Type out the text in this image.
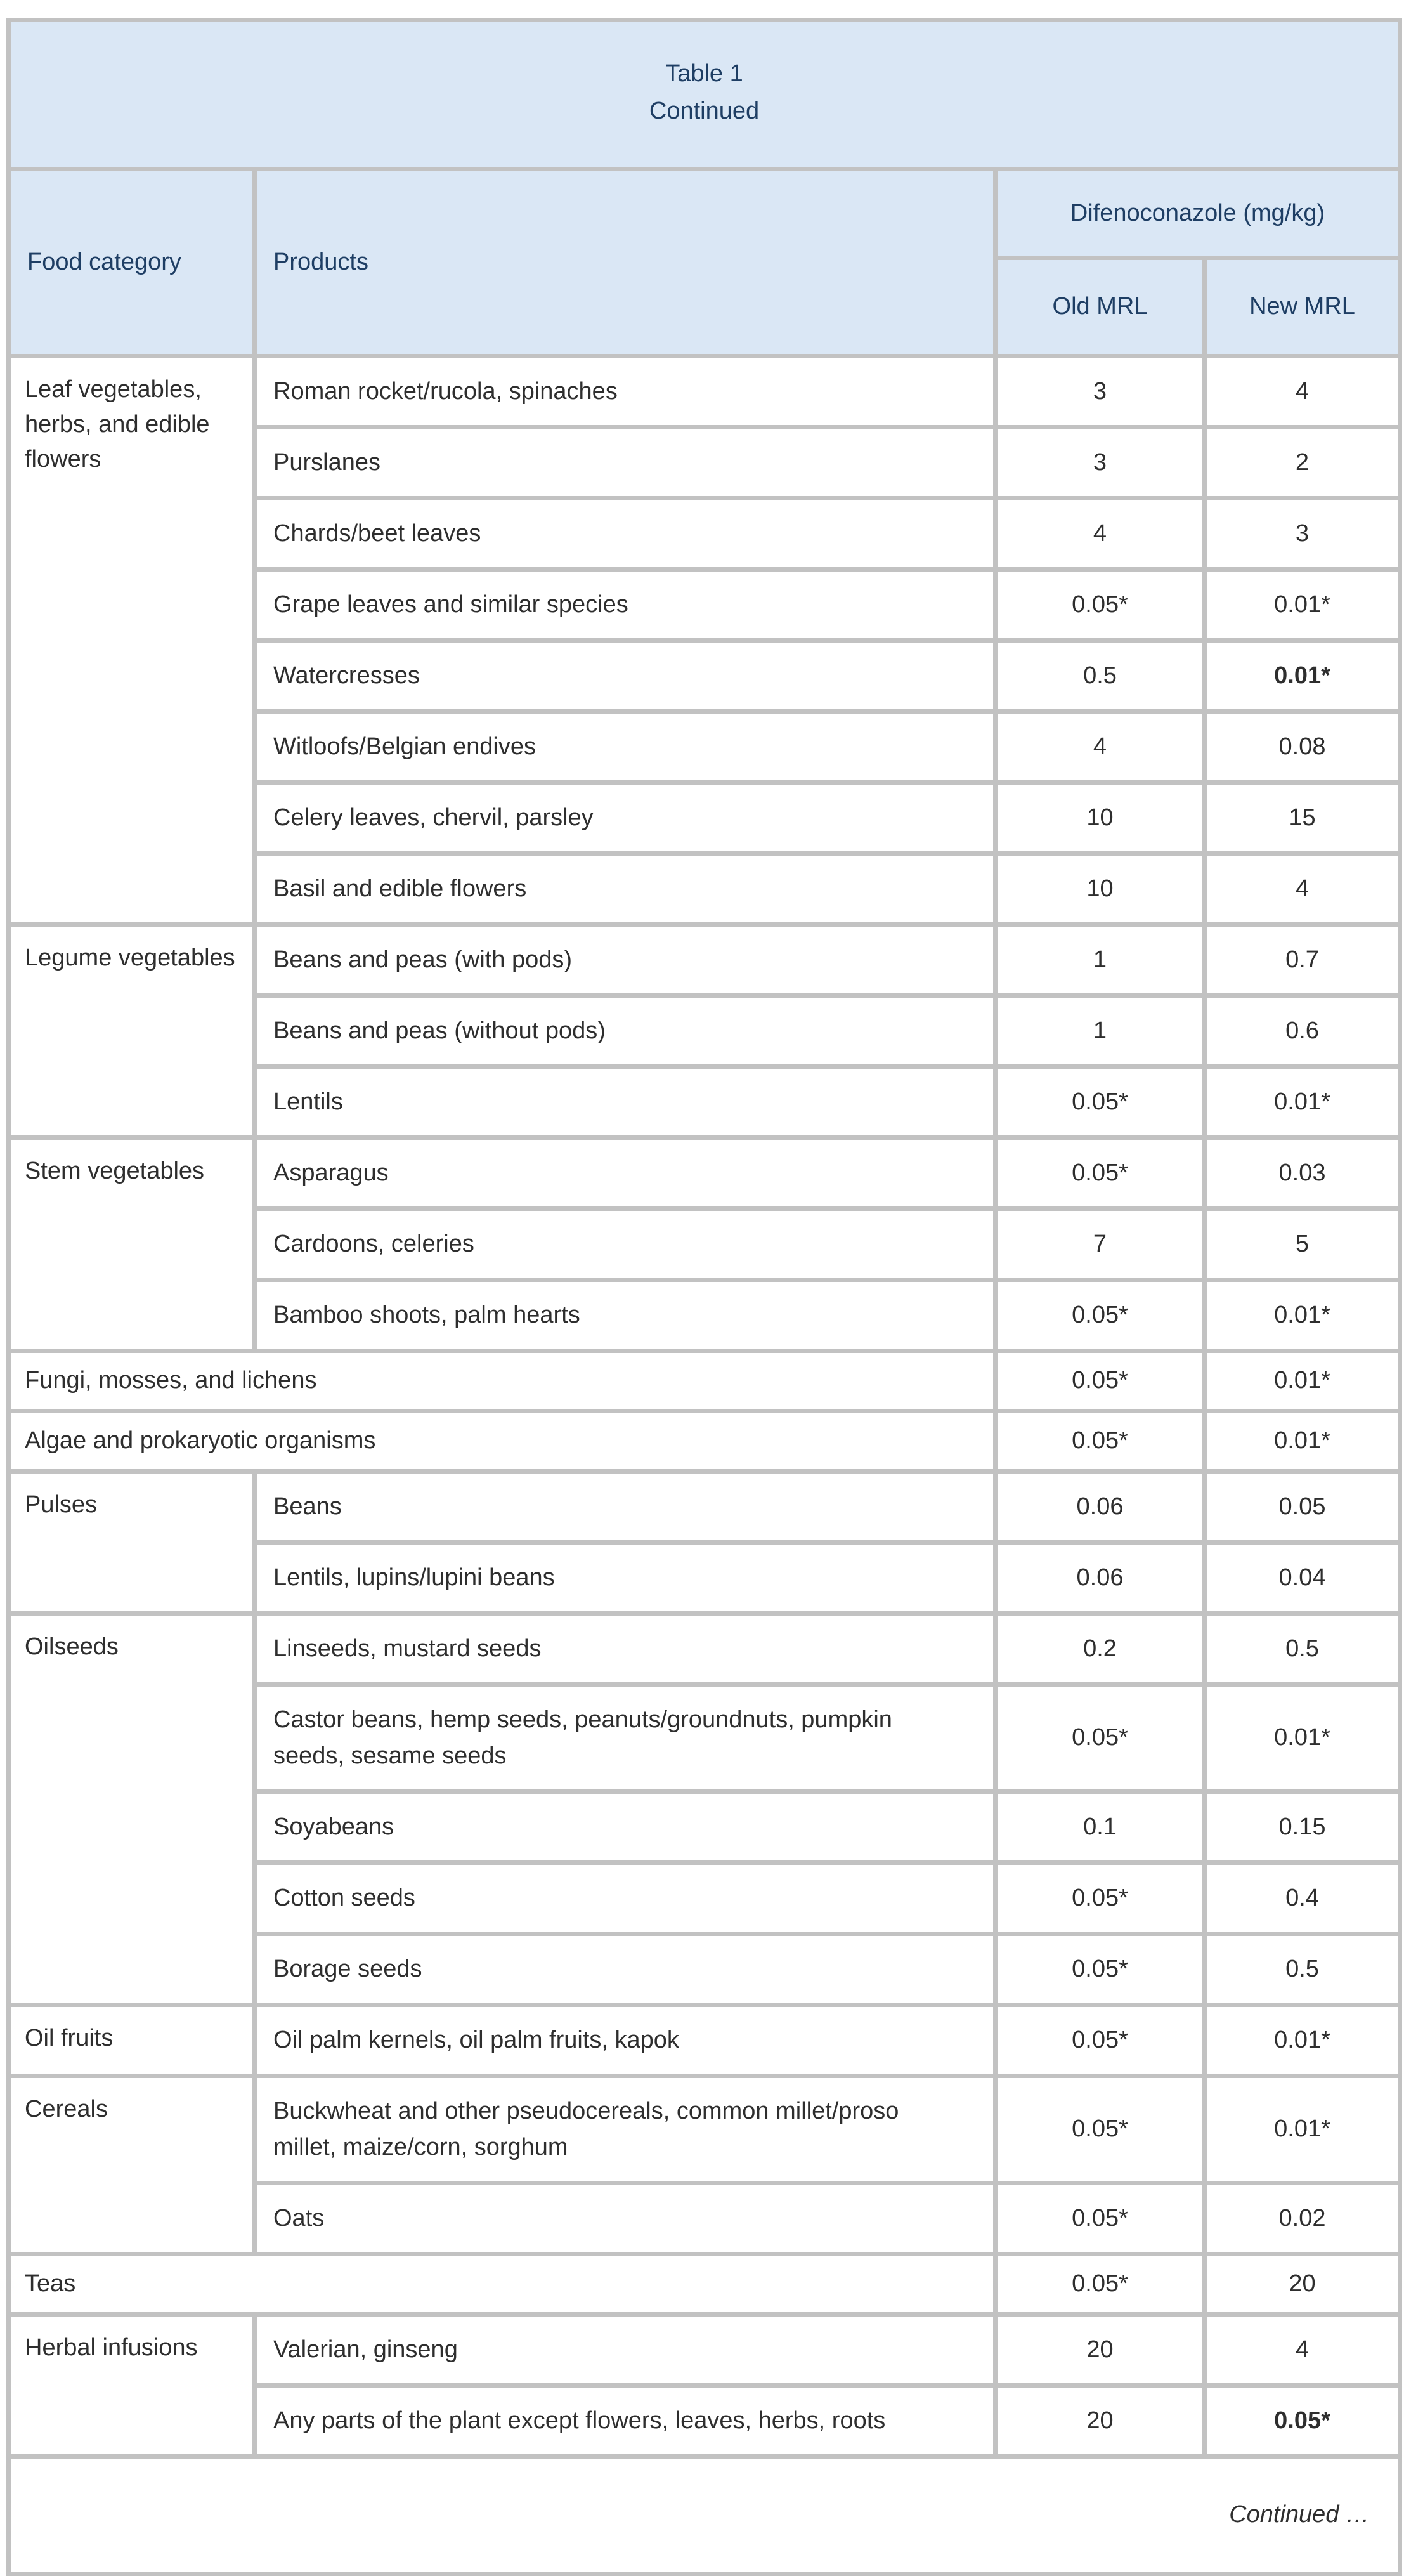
Table 1
Continued			

Food category	Products	Difenoconazole (mg/kg)	
		Old MRL	New MRL
Leaf vegetables, herbs, and edible flowers	Roman rocket/rucola, spinaches	3	4
	Purslanes	3	2
	Chards/beet leaves	4	3
	Grape leaves and similar species	0.05*	0.01*
	Watercresses	0.5	0.01*
	Witloofs/Belgian endives	4	0.08
	Celery leaves, chervil, parsley	10	15
	Basil and edible flowers	10	4
Legume vegetables	Beans and peas (with pods)	1	0.7
	Beans and peas (without pods)	1	0.6
	Lentils	0.05*	0.01*
Stem vegetables	Asparagus	0.05*	0.03
	Cardoons, celeries	7	5
	Bamboo shoots, palm hearts	0.05*	0.01*
Fungi, mosses, and lichens		0.05*	0.01*
Algae and prokaryotic organisms		0.05*	0.01*
Pulses	Beans	0.06	0.05
	Lentils, lupins/lupini beans	0.06	0.04
Oilseeds	Linseeds, mustard seeds	0.2	0.5
	Castor beans, hemp seeds, peanuts/groundnuts, pumpkin seeds, sesame seeds	0.05*	0.01*
	Soyabeans	0.1	0.15
	Cotton seeds	0.05*	0.4
	Borage seeds	0.05*	0.5
Oil fruits	Oil palm kernels, oil palm fruits, kapok	0.05*	0.01*
Cereals	Buckwheat and other pseudocereals, common millet/proso millet, maize/corn, sorghum	0.05*	0.01*
	Oats	0.05*	0.02
Teas		0.05*	20
Herbal infusions	Valerian, ginseng	20	4
	Any parts of the plant except flowers, leaves, herbs, roots	20	0.05*
Continued …			
